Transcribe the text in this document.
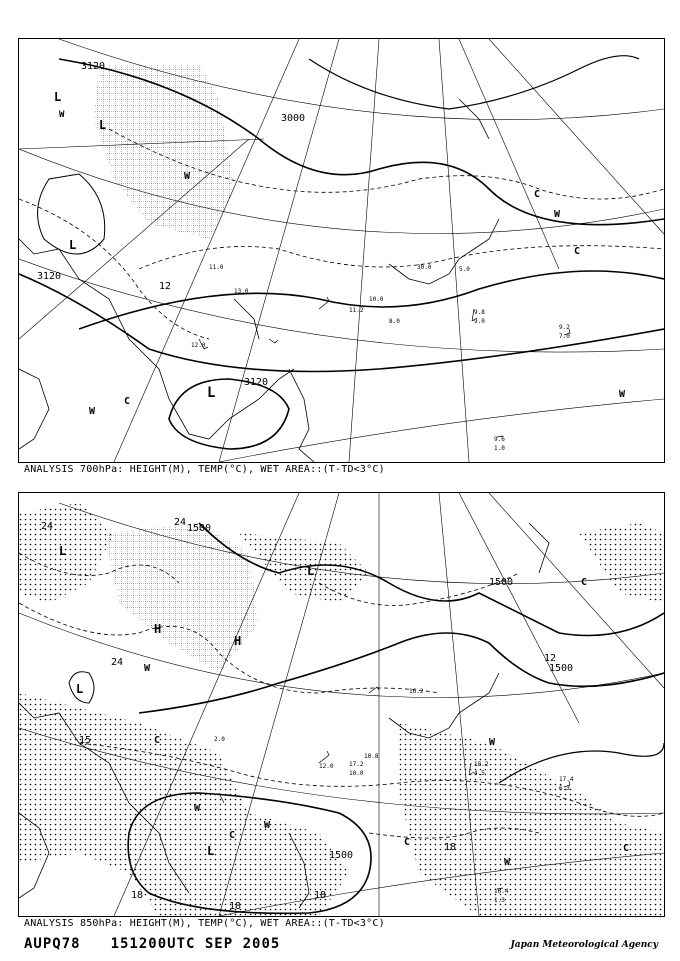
3120
3120
3000
3120
12
L
L
L
L
W
W
W
C
C
W
C
W
9.8
9.0
9.2
7.0
9.6
1.0
11.2
10.0
12.0
11.0
13.0
8.0
30.0	5.0
ANALYSIS 700hPa: HEIGHT(M), TEMP(°C), WET AREA::(T-TD<3°C)
1500
1500
1500
1500
24	24
24
18
18
18
18
15
12
L
L
L
L
H
H
C
C
C
C
W
W
W
W
W
C
18.2
4.5
17.4
6.3
16.4
1.3
17.2
10.0
12.0
2.0
16.2
10.8
ANALYSIS 850hPa: HEIGHT(M), TEMP(°C), WET AREA::(T-TD<3°C)
AUPQ78 151200UTC SEP 2005	Japan Meteorological Agency
